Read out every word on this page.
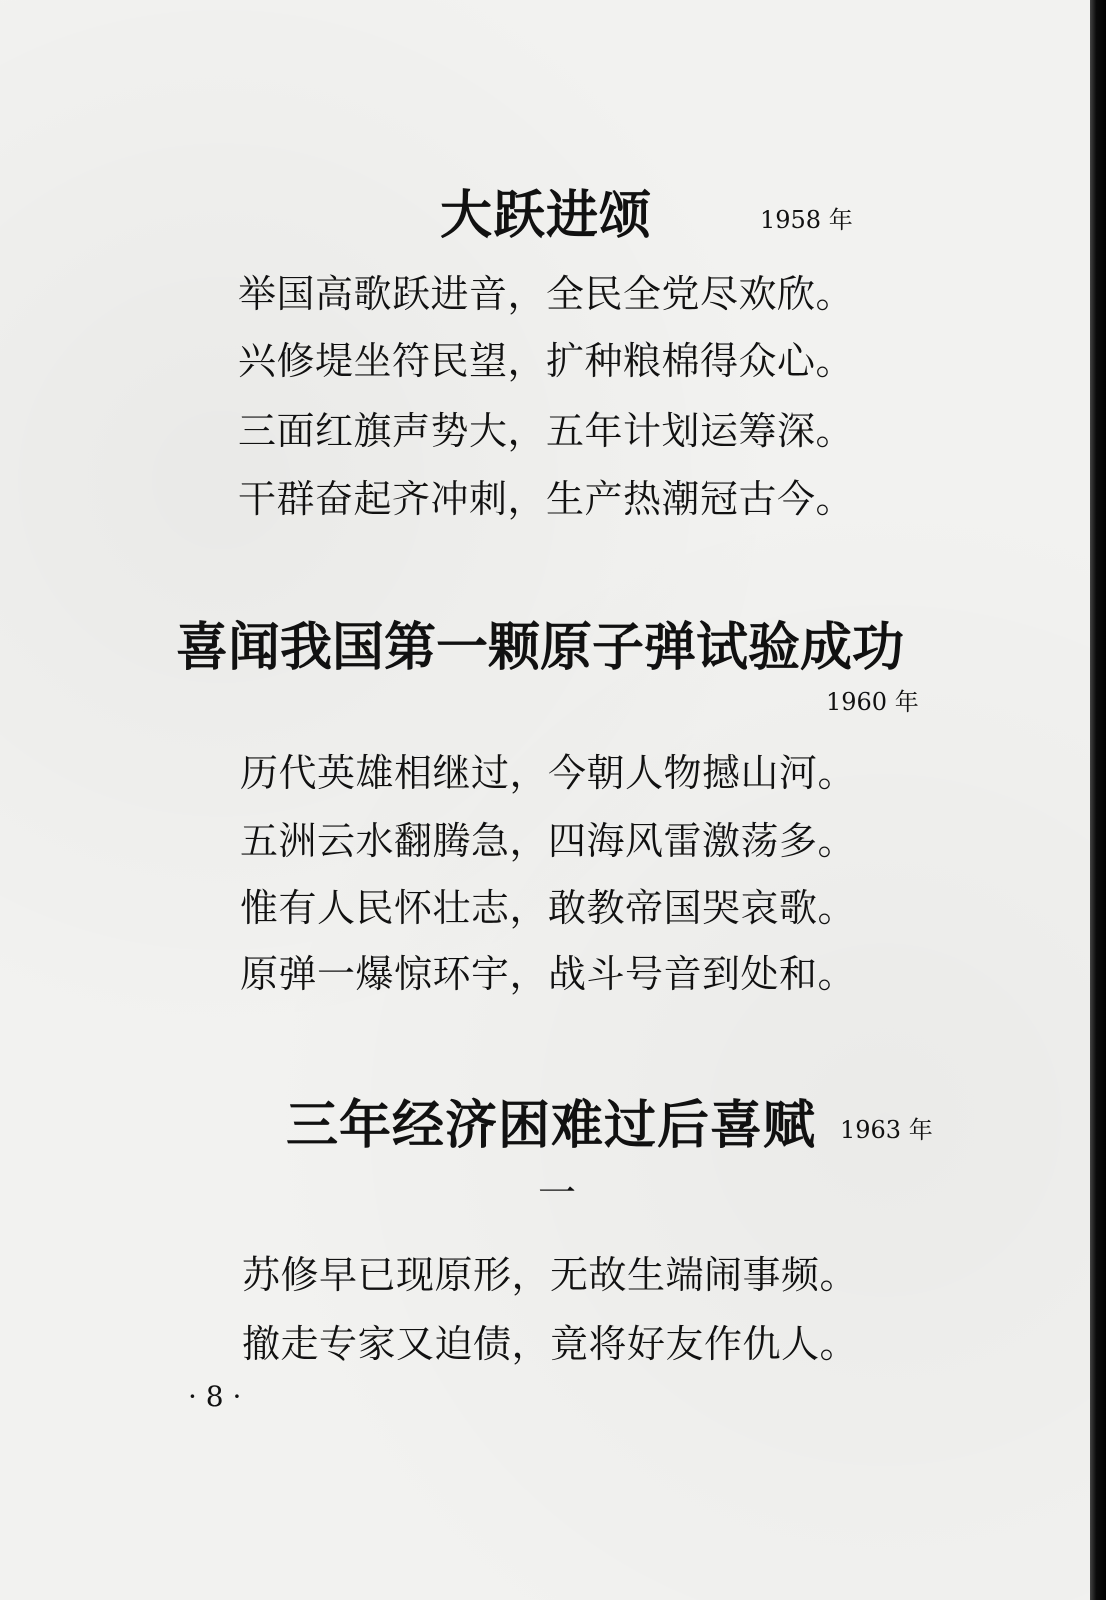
大跃进颂	1958 年
举国高歌跃进音，全民全党尽欢欣。
兴修堤坐符民望，扩种粮棉得众心。
三面红旗声势大，五年计划运筹深。
干群奋起齐冲刺，生产热潮冠古今。
喜闻我国第一颗原子弹试验成功
1960 年
历代英雄相继过，今朝人物撼山河。
五洲云水翻腾急，四海风雷激荡多。
惟有人民怀壮志，敢教帝国哭哀歌。
原弹一爆惊环宇，战斗号音到处和。
三年经济困难过后喜赋 1963 年
一
苏修早已现原形，无故生端闹事频。
撤走专家又迫债，竟将好友作仇人。
· 8 ·
